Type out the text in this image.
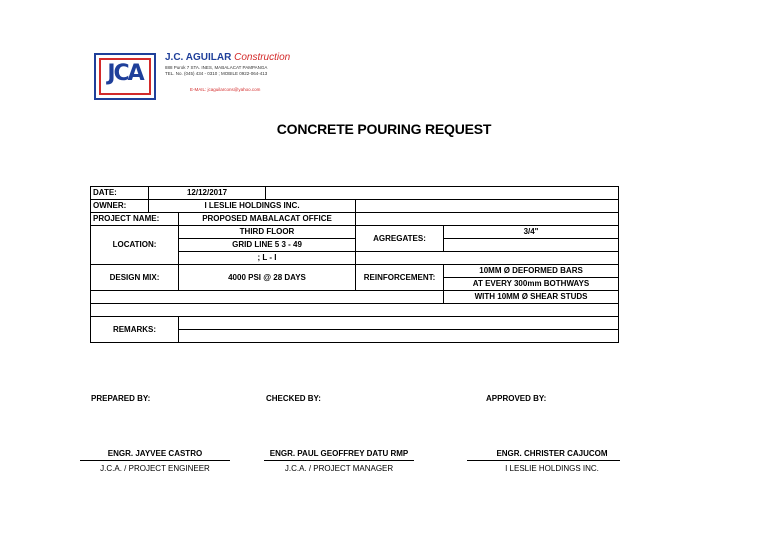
JCA
J.C. AGUILAR Construction
888 Purok 7 STA. INES, MABALACAT PAMPANGA
TEL. No. (045) 434 - 0310 ; MOBILE 0922-064-413
E-MAIL: jcaguilarcons@yahoo.com
CONCRETE POURING REQUEST
DATE:	12/12/2017				
OWNER:	I LESLIE HOLDINGS INC.				
PROJECT NAME:		PROPOSED MABALACAT OFFICE			
LOCATION:		THIRD FLOOR		AGREGATES:	3/4"
		GRID LINE 5 3 - 49			
		; L - I			
DESIGN MIX:		4000 PSI @ 28 DAYS		REINFORCEMENT:	10MM Ø DEFORMED BARS
					AT EVERY 300mm BOTHWAYS
					WITH 10MM Ø SHEAR STUDS

REMARKS:					

PREPARED BY:	CHECKED BY:	APPROVED BY:
ENGR. JAYVEE CASTRO	ENGR. PAUL GEOFFREY DATU RMP	ENGR. CHRISTER CAJUCOM
J.C.A. / PROJECT ENGINEER	J.C.A. / PROJECT MANAGER	I LESLIE HOLDINGS INC.
